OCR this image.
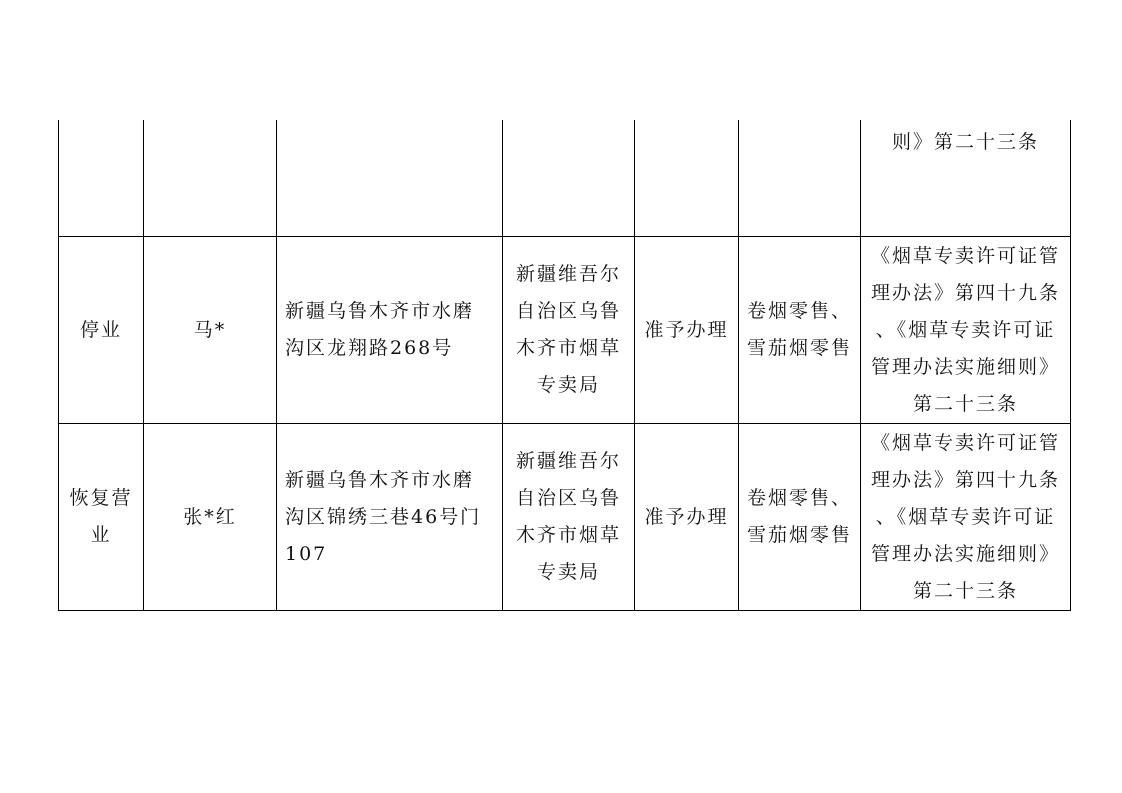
						则》第二十三条

停业	马*	新疆乌鲁木齐市水磨沟区龙翔路268号	新疆维吾尔自治区乌鲁木齐市烟草专卖局	准予办理	卷烟零售、雪茄烟零售	《烟草专卖许可证管理办法》第四十九条 、《烟草专卖许可证管理办法实施细则》第二十三条

恢复营业	张*红	新疆乌鲁木齐市水磨沟区锦绣三巷46号门107	新疆维吾尔自治区乌鲁木齐市烟草专卖局	准予办理	卷烟零售、雪茄烟零售	《烟草专卖许可证管理办法》第四十九条 、《烟草专卖许可证管理办法实施细则》第二十三条
